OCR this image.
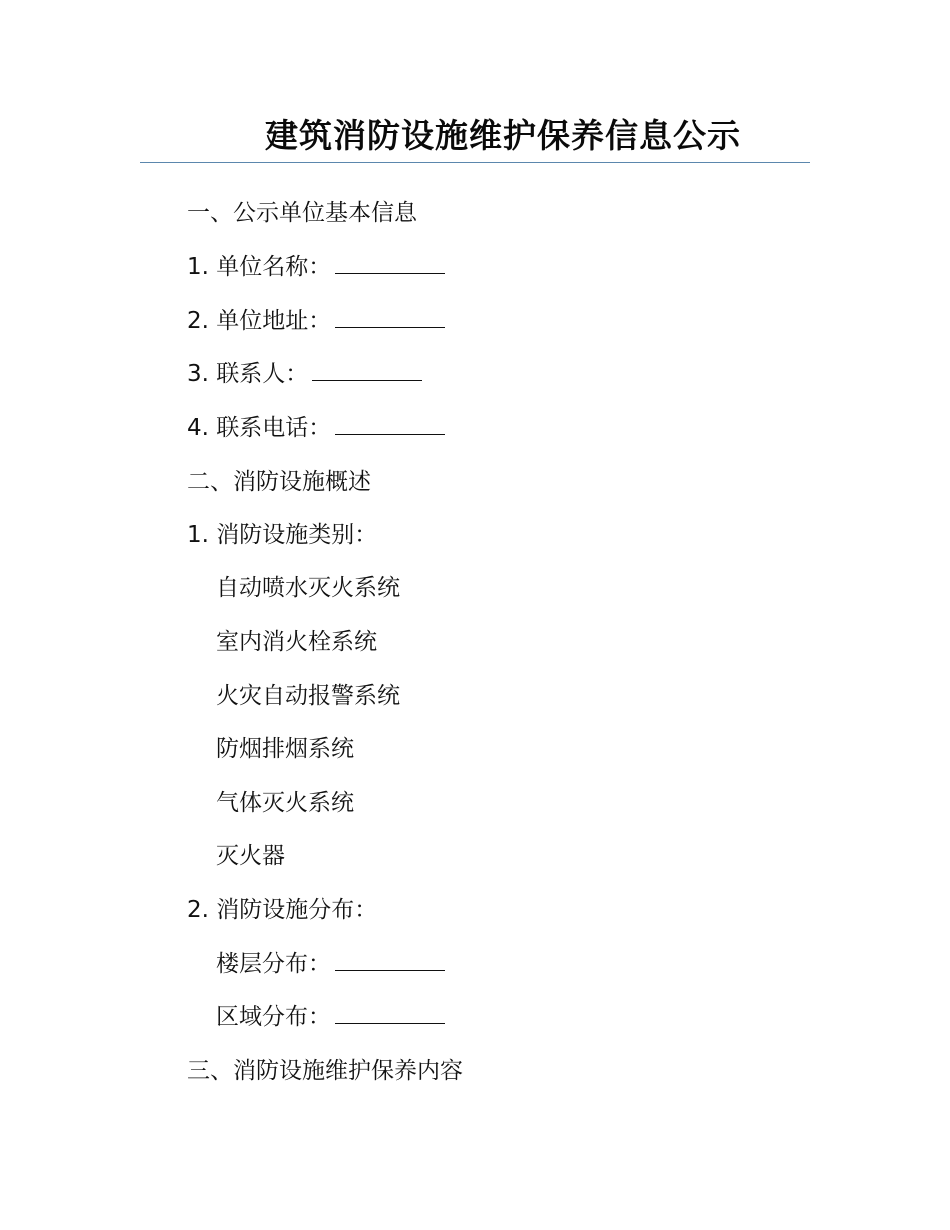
建筑消防设施维护保养信息公示
一、公示单位基本信息
1. 单位名称：
2. 单位地址：
3. 联系人：
4. 联系电话：
二、消防设施概述
1. 消防设施类别：
自动喷水灭火系统
室内消火栓系统
火灾自动报警系统
防烟排烟系统
气体灭火系统
灭火器
2. 消防设施分布：
楼层分布：
区域分布：
三、消防设施维护保养内容
